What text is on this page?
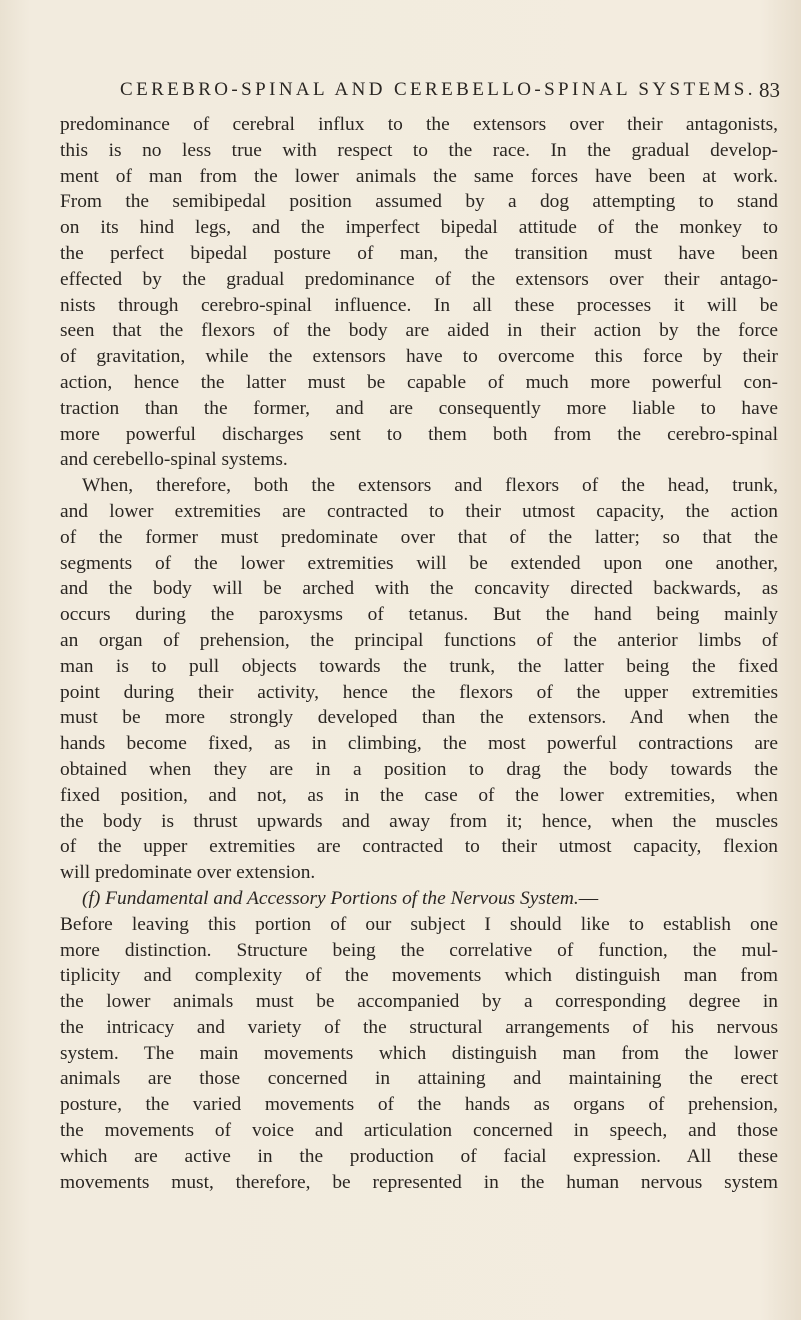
CEREBRO-SPINAL AND CEREBELLO-SPINAL SYSTEMS. 83
predominance of cerebral influx to the extensors over their antagonists,
this is no less true with respect to the race. In the gradual develop-
ment of man from the lower animals the same forces have been at work.
From the semibipedal position assumed by a dog attempting to stand
on its hind legs, and the imperfect bipedal attitude of the monkey to
the perfect bipedal posture of man, the transition must have been
effected by the gradual predominance of the extensors over their antago-
nists through cerebro-spinal influence. In all these processes it will be
seen that the flexors of the body are aided in their action by the force
of gravitation, while the extensors have to overcome this force by their
action, hence the latter must be capable of much more powerful con-
traction than the former, and are consequently more liable to have
more powerful discharges sent to them both from the cerebro-spinal
and cerebello-spinal systems.
When, therefore, both the extensors and flexors of the head, trunk,
and lower extremities are contracted to their utmost capacity, the action
of the former must predominate over that of the latter; so that the
segments of the lower extremities will be extended upon one another,
and the body will be arched with the concavity directed backwards, as
occurs during the paroxysms of tetanus. But the hand being mainly
an organ of prehension, the principal functions of the anterior limbs of
man is to pull objects towards the trunk, the latter being the fixed
point during their activity, hence the flexors of the upper extremities
must be more strongly developed than the extensors. And when the
hands become fixed, as in climbing, the most powerful contractions are
obtained when they are in a position to drag the body towards the
fixed position, and not, as in the case of the lower extremities, when
the body is thrust upwards and away from it; hence, when the muscles
of the upper extremities are contracted to their utmost capacity, flexion
will predominate over extension.
(f) Fundamental and Accessory Portions of the Nervous System.—
Before leaving this portion of our subject I should like to establish one
more distinction. Structure being the correlative of function, the mul-
tiplicity and complexity of the movements which distinguish man from
the lower animals must be accompanied by a corresponding degree in
the intricacy and variety of the structural arrangements of his nervous
system. The main movements which distinguish man from the lower
animals are those concerned in attaining and maintaining the erect
posture, the varied movements of the hands as organs of prehension,
the movements of voice and articulation concerned in speech, and those
which are active in the production of facial expression. All these
movements must, therefore, be represented in the human nervous system
